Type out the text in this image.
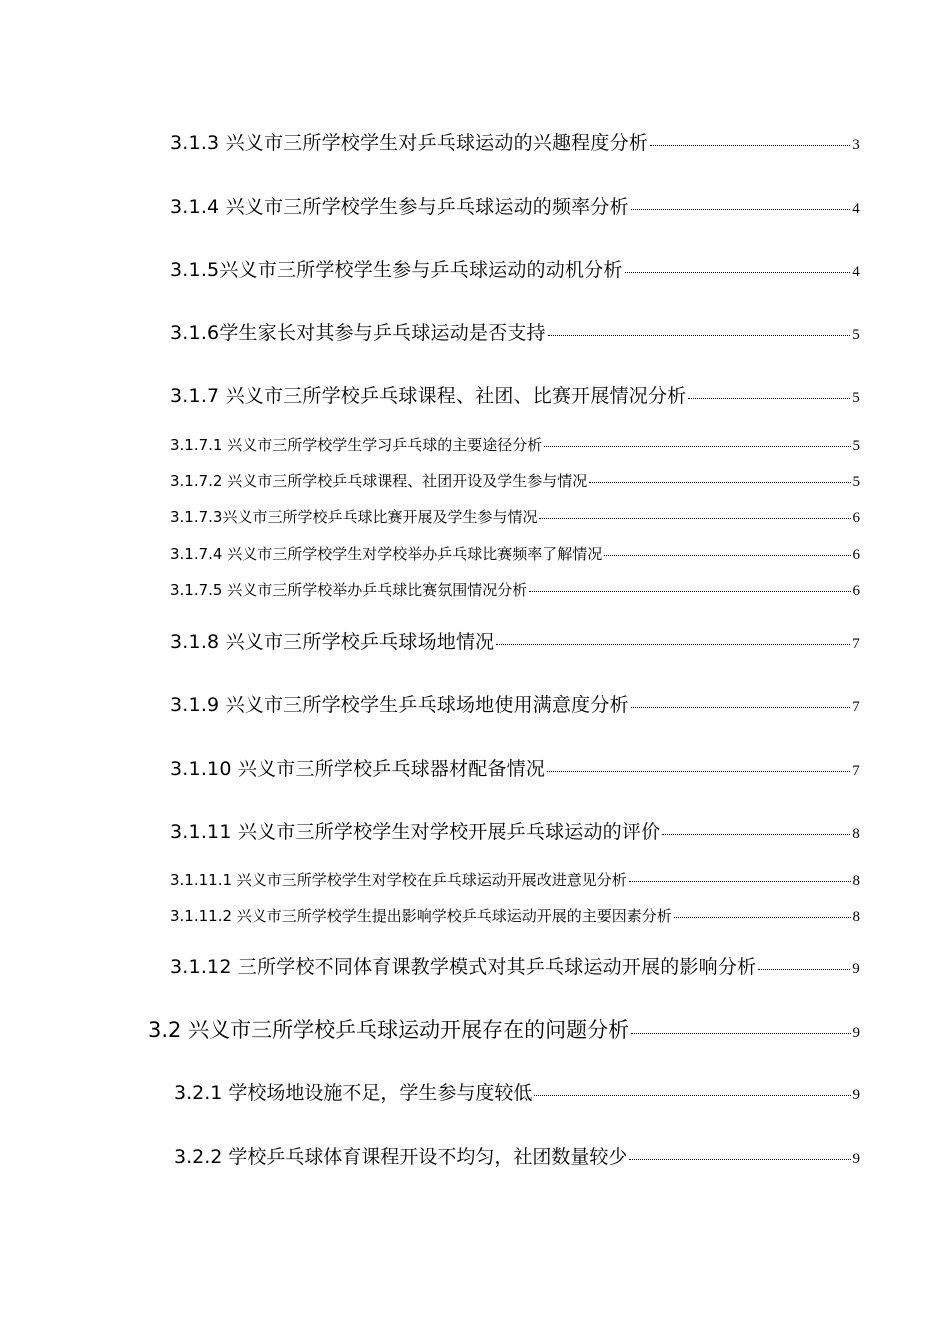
3.1.3 兴义市三所学校学生对乒乓球运动的兴趣程度分析	3
3.1.4 兴义市三所学校学生参与乒乓球运动的频率分析	4
3.1.5兴义市三所学校学生参与乒乓球运动的动机分析	4
3.1.6学生家长对其参与乒乓球运动是否支持	5
3.1.7 兴义市三所学校乒乓球课程、社团、比赛开展情况分析	5
3.1.7.1 兴义市三所学校学生学习乒乓球的主要途径分析	5
3.1.7.2 兴义市三所学校乒乓球课程、社团开设及学生参与情况	5
3.1.7.3兴义市三所学校乒乓球比赛开展及学生参与情况	6
3.1.7.4 兴义市三所学校学生对学校举办乒乓球比赛频率了解情况	6
3.1.7.5 兴义市三所学校举办乒乓球比赛氛围情况分析	6
3.1.8 兴义市三所学校乒乓球场地情况	7
3.1.9 兴义市三所学校学生乒乓球场地使用满意度分析	7
3.1.10 兴义市三所学校乒乓球器材配备情况	7
3.1.11 兴义市三所学校学生对学校开展乒乓球运动的评价	8
3.1.11.1 兴义市三所学校学生对学校在乒乓球运动开展改进意见分析	8
3.1.11.2 兴义市三所学校学生提出影响学校乒乓球运动开展的主要因素分析	8
3.1.12 三所学校不同体育课教学模式对其乒乓球运动开展的影响分析	9
3.2 兴义市三所学校乒乓球运动开展存在的问题分析	9
3.2.1 学校场地设施不足，学生参与度较低	9
3.2.2 学校乒乓球体育课程开设不均匀，社团数量较少	9
